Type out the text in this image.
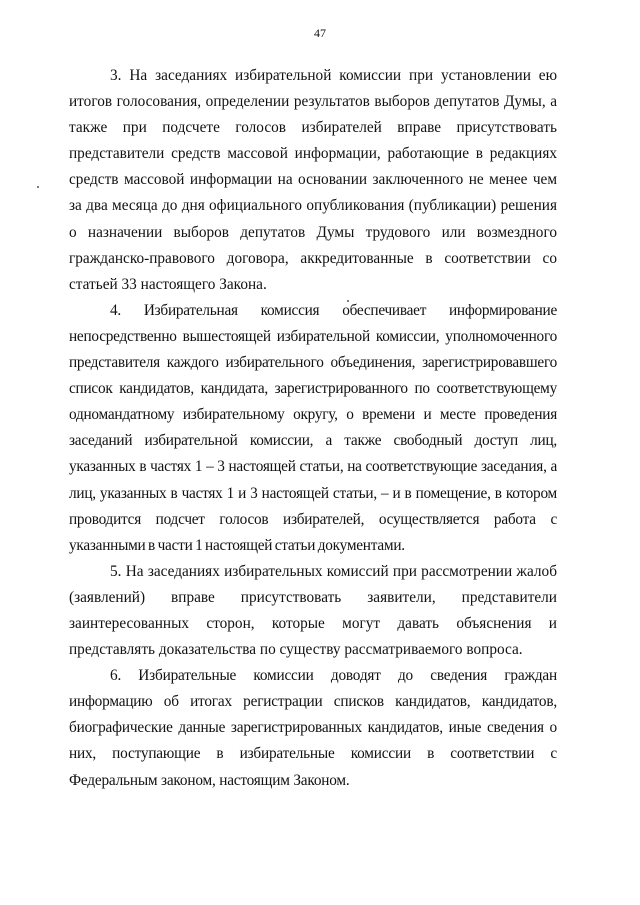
47

3. На заседаниях избирательной комиссии при установлении ею итогов голосования, определении результатов выборов депутатов Думы, а также при подсчете голосов избирателей вправе присутствовать представители средств массовой информации, работающие в редакциях средств массовой информации на основании заключенного не менее чем за два месяца до дня официального опубликования (публикации) решения о назначении выборов депутатов Думы трудового или возмездного гражданско-правового договора, аккредитованные в соответствии со статьей 33 настоящего Закона.

4. Избирательная комиссия обеспечивает информирование непосредственно вышестоящей избирательной комиссии, уполномоченного представителя каждого избирательного объединения, зарегистрировавшего список кандидатов, кандидата, зарегистрированного по соответствующему одномандатному избирательному округу, о времени и месте проведения заседаний избирательной комиссии, а также свободный доступ лиц, указанных в частях 1 – 3 настоящей статьи, на соответствующие заседания, а лиц, указанных в частях 1 и 3 настоящей статьи, – и в помещение, в котором проводится подсчет голосов избирателей, осуществляется работа с указанными в части 1 настоящей статьи документами.

5. На заседаниях избирательных комиссий при рассмотрении жалоб (заявлений) вправе присутствовать заявители, представители заинтересованных сторон, которые могут давать объяснения и представлять доказательства по существу рассматриваемого вопроса.

6. Избирательные комиссии доводят до сведения граждан информацию об итогах регистрации списков кандидатов, кандидатов, биографические данные зарегистрированных кандидатов, иные сведения о них, поступающие в избирательные комиссии в соответствии с Федеральным законом, настоящим Законом.
